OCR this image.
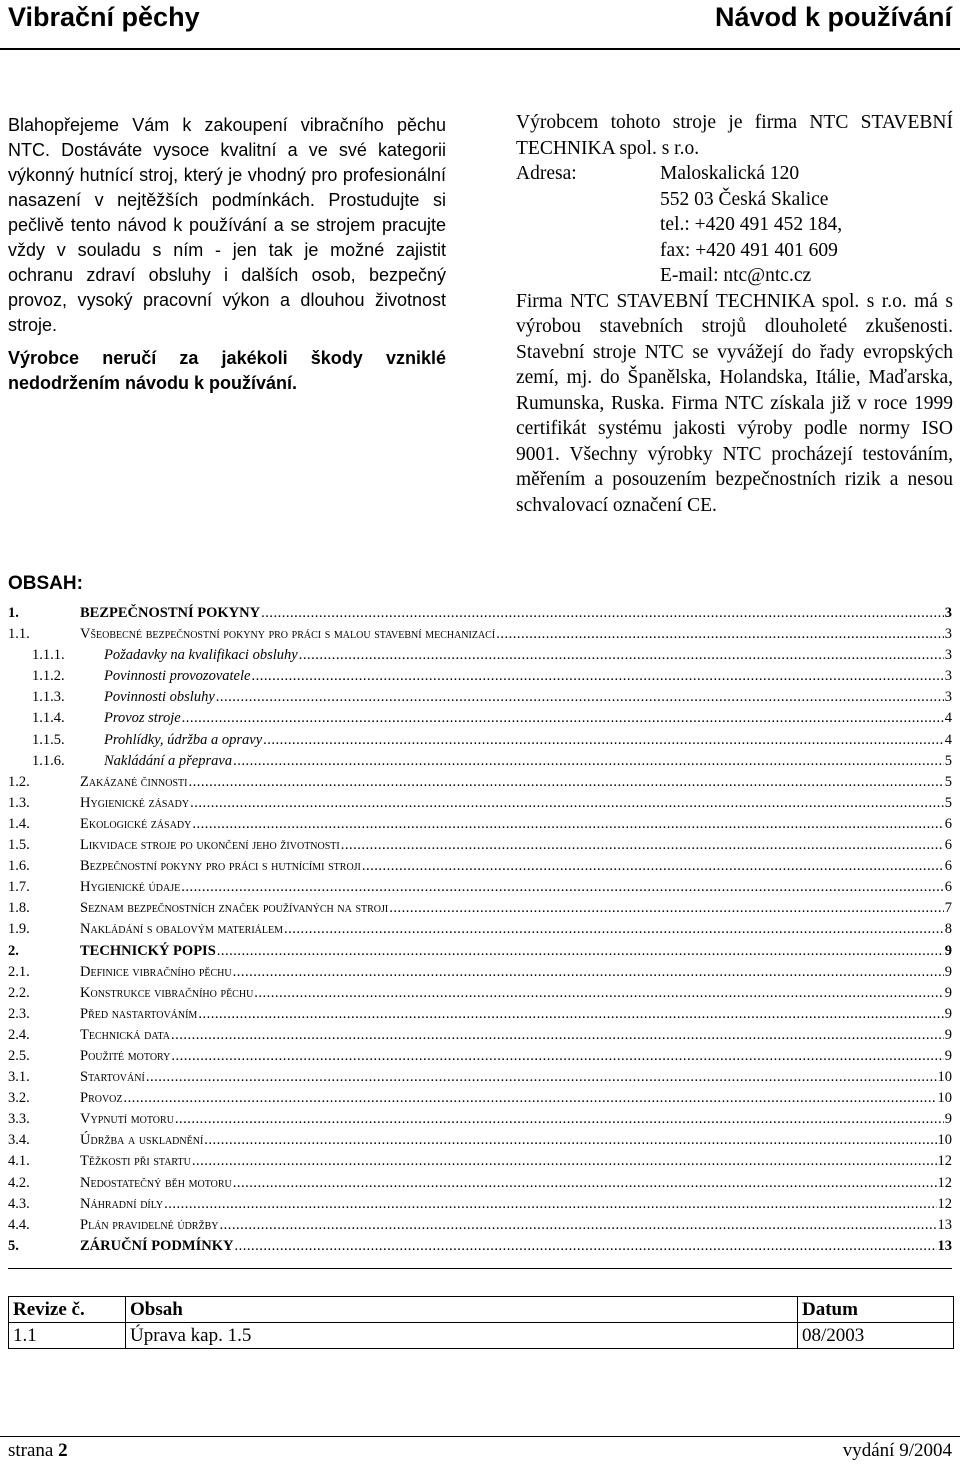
Vibrační pěchy	Návod k používání

Blahopřejeme Vám k zakoupení vibračního pěchu NTC. Dostáváte vysoce kvalitní a ve své kategorii výkonný hutnící stroj, který je vhodný pro profesionální nasazení v nejtěžších podmínkách. Prostudujte si pečlivě tento návod k používání a se strojem pracujte vždy v souladu s ním - jen tak je možné zajistit ochranu zdraví obsluhy i dalších osob, bezpečný provoz, vysoký pracovní výkon a dlouhou životnost stroje.

Výrobce neručí za jakékoli škody vzniklé nedodržením návodu k používání.

Výrobcem tohoto stroje je firma NTC STAVEBNÍ TECHNIKA spol. s r.o.

Adresa:	Maloskalická 120
552 03 Česká Skalice
tel.: +420 491 452 184,
fax: +420 491 401 609
E-mail: ntc@ntc.cz

Firma NTC STAVEBNÍ TECHNIKA spol. s r.o. má s výrobou stavebních strojů dlouholeté zkušenosti. Stavební stroje NTC se vyvážejí do řady evropských zemí, mj. do Španělska, Holandska, Itálie, Maďarska, Rumunska, Ruska. Firma NTC získala již v roce 1999 certifikát systému jakosti výroby podle normy ISO 9001. Všechny výrobky NTC procházejí testováním, měřením a posouzením bezpečnostních rizik a nesou schvalovací označení CE.

OBSAH:
1.	BEZPEČNOSTNÍ POKYNY .....	3
1.1.	Všeobecné bezpečnostní pokyny pro práci s malou stavební mechanizací .....	3
1.1.1.	Požadavky na kvalifikaci obsluhy .....	3
1.1.2.	Povinnosti provozovatele .....	3
1.1.3.	Povinnosti obsluhy .....	3
1.1.4.	Provoz stroje .....	4
1.1.5.	Prohlídky, údržba a opravy .....	4
1.1.6.	Nakládání a přeprava .....	5
1.2.	Zakázané činnosti .....	5
1.3.	Hygienické zásady .....	5
1.4.	Ekologické zásady .....	6
1.5.	Likvidace stroje po ukončení jeho životnosti .....	6
1.6.	Bezpečnostní pokyny pro práci s hutnícími stroji .....	6
1.7.	Hygienické údaje .....	6
1.8.	Seznam bezpečnostních značek používaných na stroji .....	7
1.9.	Nakládání s obalovým materiálem .....	8
2.	TECHNICKÝ POPIS .....	9
2.1.	Definice vibračního pěchu .....	9
2.2.	Konstrukce vibračního pěchu .....	9
2.3.	Před nastartováním .....	9
2.4.	Technická data .....	9
2.5.	Použité motory .....	9
3.1.	Startování .....	10
3.2.	Provoz .....	10
3.3.	Vypnutí motoru .....	9
3.4.	Údržba a uskladnění .....	10
4.1.	Těžkosti při startu .....	12
4.2.	Nedostatečný běh motoru .....	12
4.3.	Náhradní díly .....	12
4.4.	Plán pravidelné údržby .....	13
5.	ZÁRUČNÍ PODMÍNKY .....	13
Revize č.	Obsah	Datum
1.1	Úprava kap. 1.5	08/2003
strana 2	vydání 9/2004
